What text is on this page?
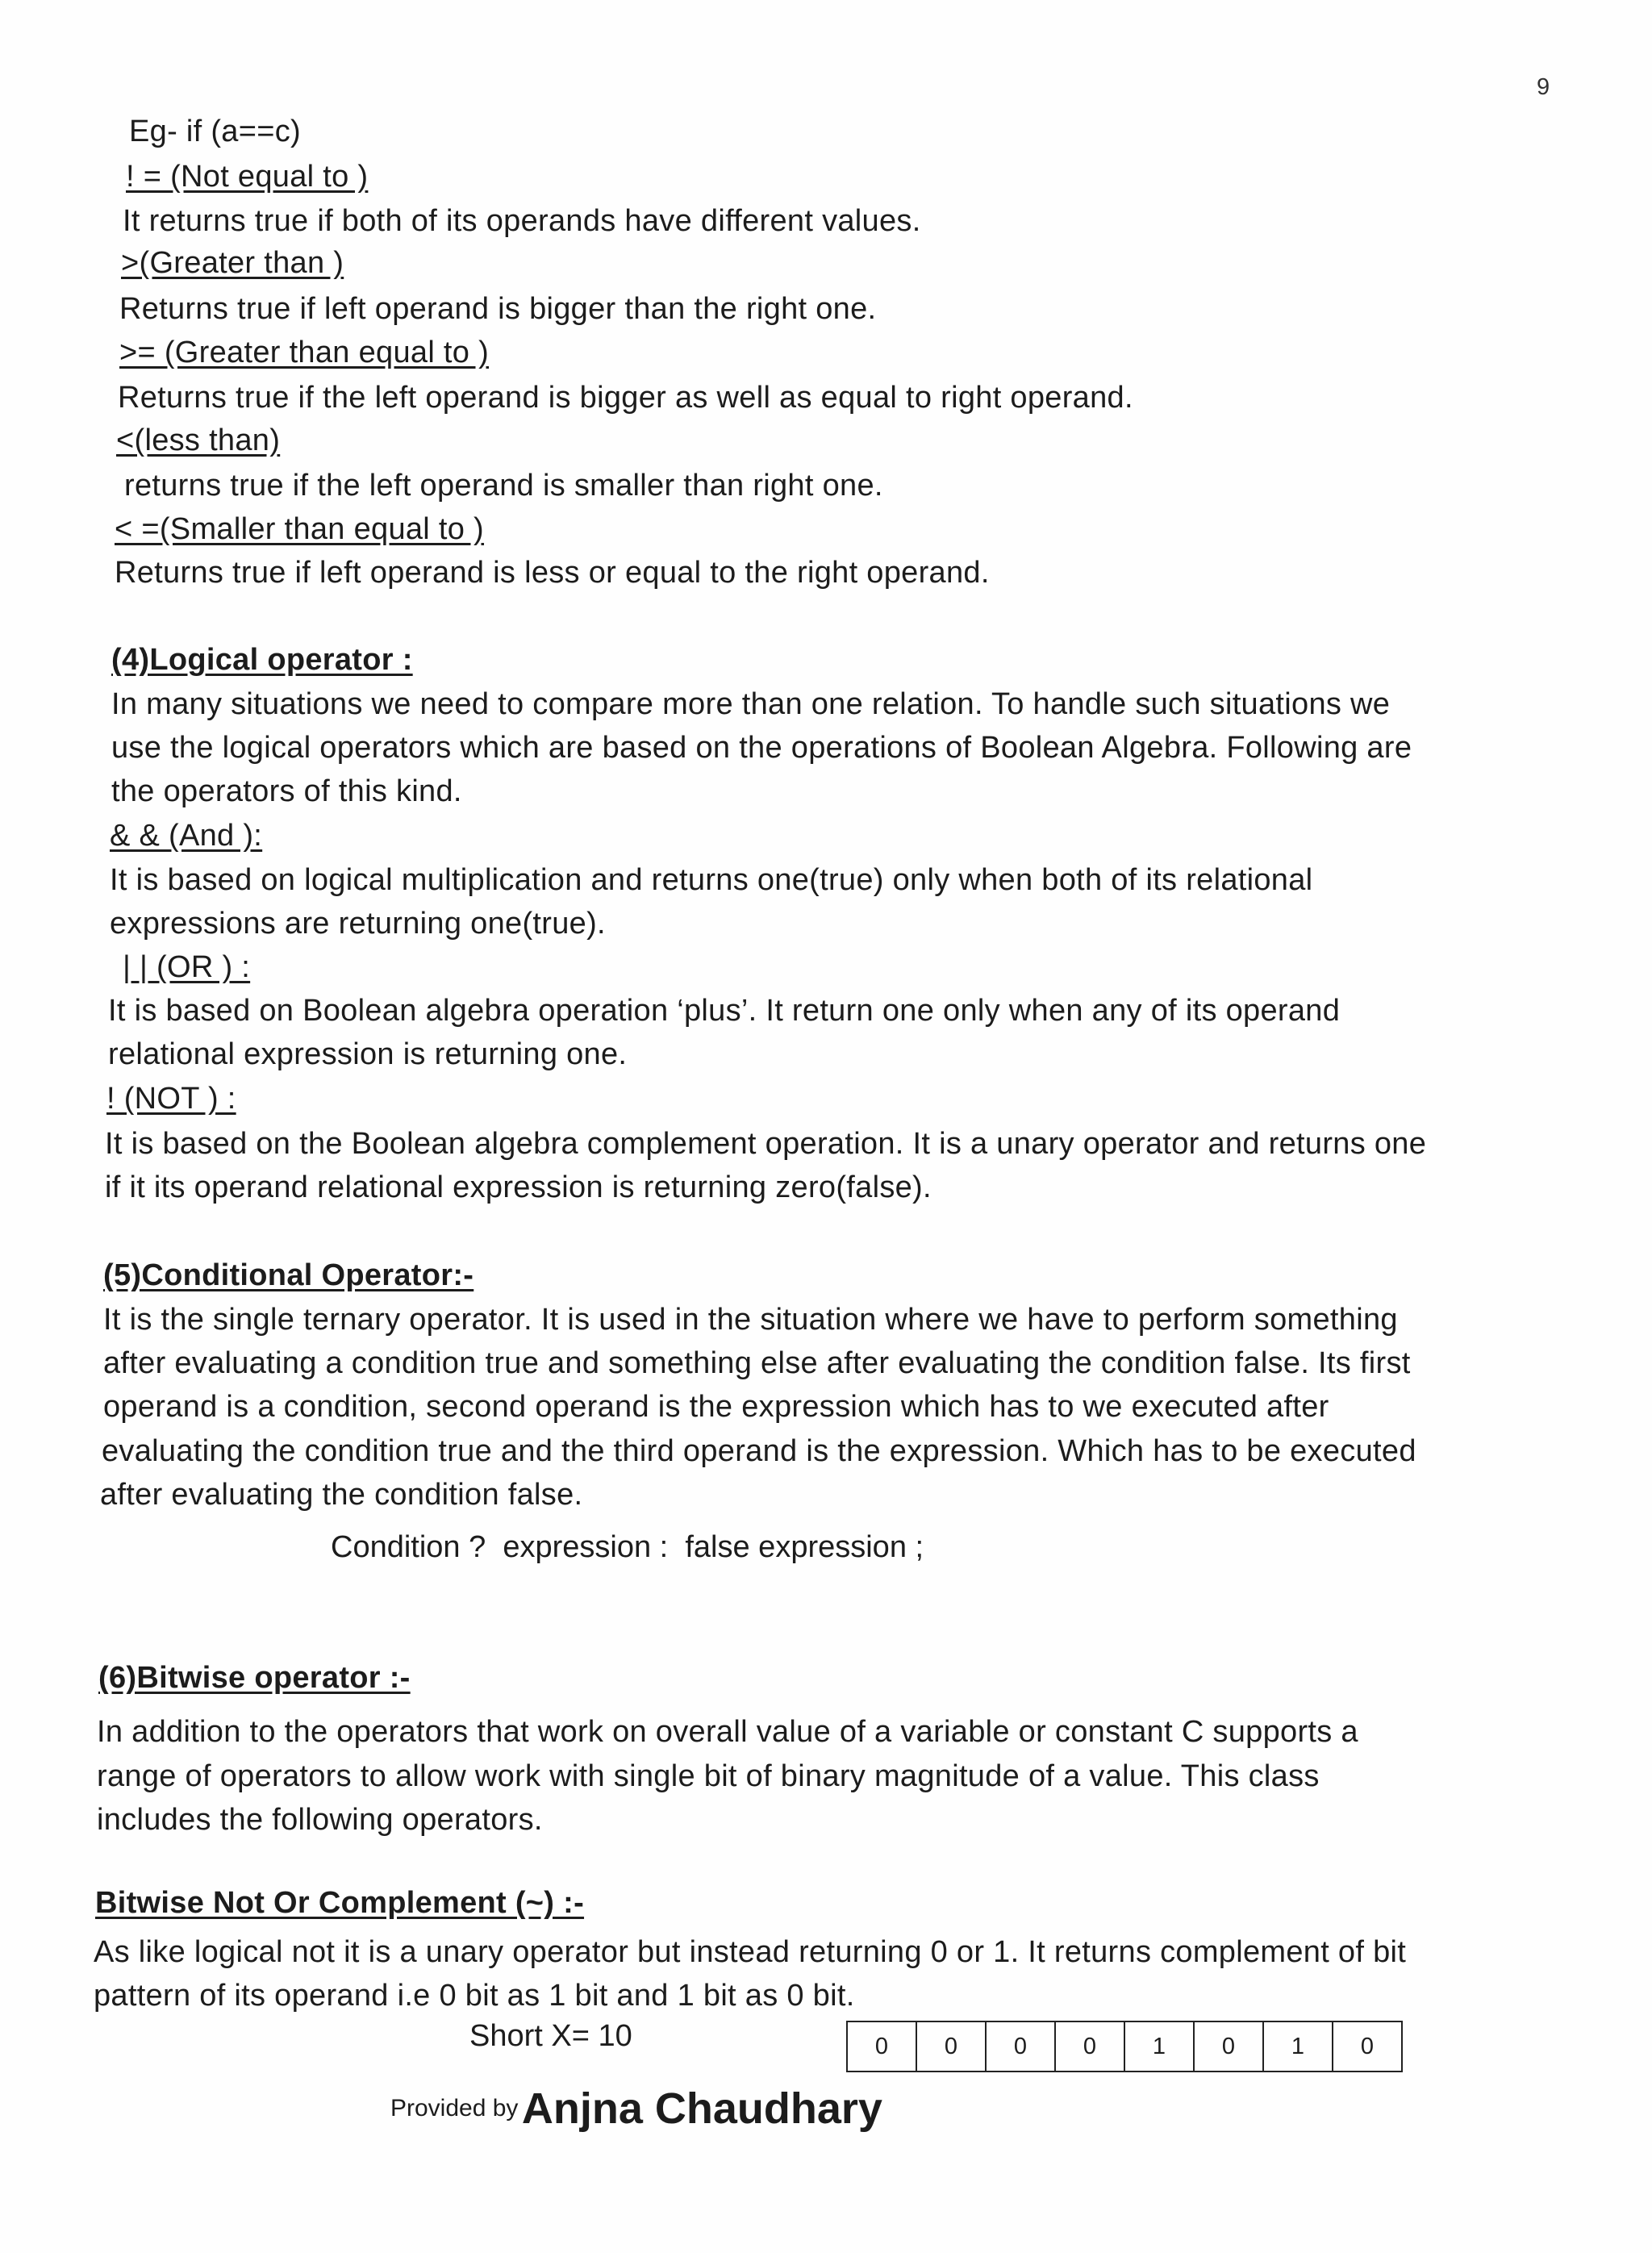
9
Eg- if (a==c)
! = (Not equal to )
It returns true if both of its operands have different values.
>(Greater than )
Returns true if left operand is bigger than the right one.
>= (Greater than equal to )
Returns true if the left operand is bigger as well as equal to right operand.
<(less than)
returns true if the left operand is smaller than right one.
< =(Smaller than equal to )
Returns true if left operand is less or equal to the right operand.
(4)Logical operator :
In many situations we need to compare more than one relation. To handle such situations we
use the logical operators which are based on the operations of Boolean Algebra. Following are
the operators of this kind.
& & (And ):
It is based on logical multiplication and returns one(true) only when both of its relational
expressions are returning one(true).
| | (OR ) :
It is based on Boolean algebra operation ‘plus’. It return one only when any of its operand
relational expression is returning one.
! (NOT ) :
It is based on the Boolean algebra complement operation. It is a unary operator and returns one
if it its operand relational expression is returning zero(false).
(5)Conditional Operator:-
It is the single ternary operator. It is used in the situation where we have to perform something
after evaluating a condition true and something else after evaluating the condition false. Its first
operand is a condition, second operand is the expression which has to we executed after
evaluating the condition true and the third operand is the expression. Which has to be executed
after evaluating the condition false.
Condition ?  expression :  false expression ;
(6)Bitwise operator :-
In addition to the operators that work on overall value of a variable or constant C supports a
range of operators to allow work with single bit of binary magnitude of a value. This class
includes the following operators.
Bitwise Not Or Complement (~) :-
As like logical not it is a unary operator but instead returning 0 or 1. It returns complement of bit
pattern of its operand i.e 0 bit as 1 bit and 1 bit as 0 bit.
Short X= 10	0	0	0	0	1	0	1	0
Provided by Anjna Chaudhary
